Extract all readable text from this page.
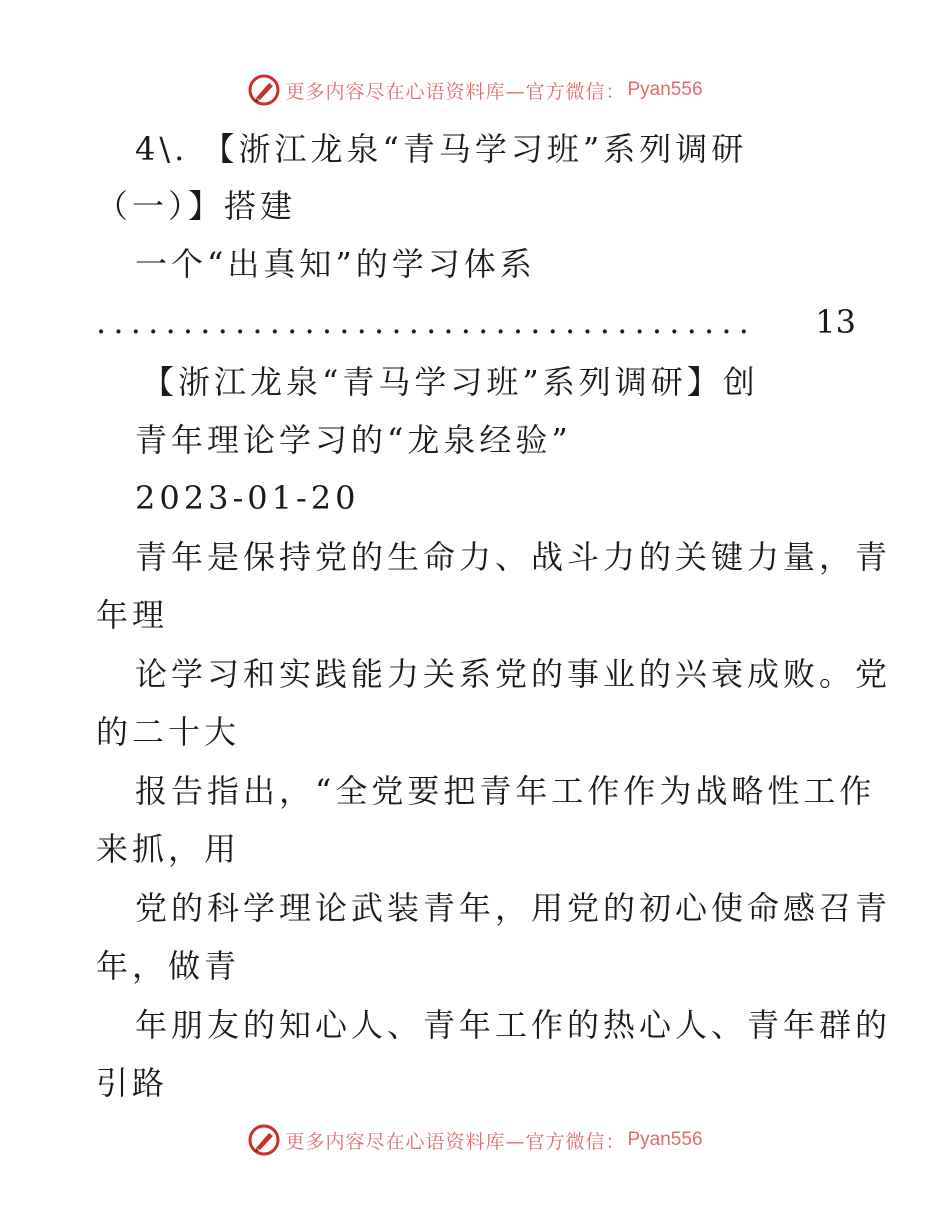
更多内容尽在心语资料库—官方微信： Pyan556
4\. 【浙江龙泉“青马学习班”系列调研
（一）】搭建
一个“出真知”的学习体系
...................................... 13
【浙江龙泉“青马学习班”系列调研】创
青年理论学习的“龙泉经验”
2023-01-20
青年是保持党的生命力、战斗力的关键力量，青
年理
论学习和实践能力关系党的事业的兴衰成败。党
的二十大
报告指出，“全党要把青年工作作为战略性工作
来抓，用
党的科学理论武装青年，用党的初心使命感召青
年，做青
年朋友的知心人、青年工作的热心人、青年群的
引路
更多内容尽在心语资料库—官方微信： Pyan556
